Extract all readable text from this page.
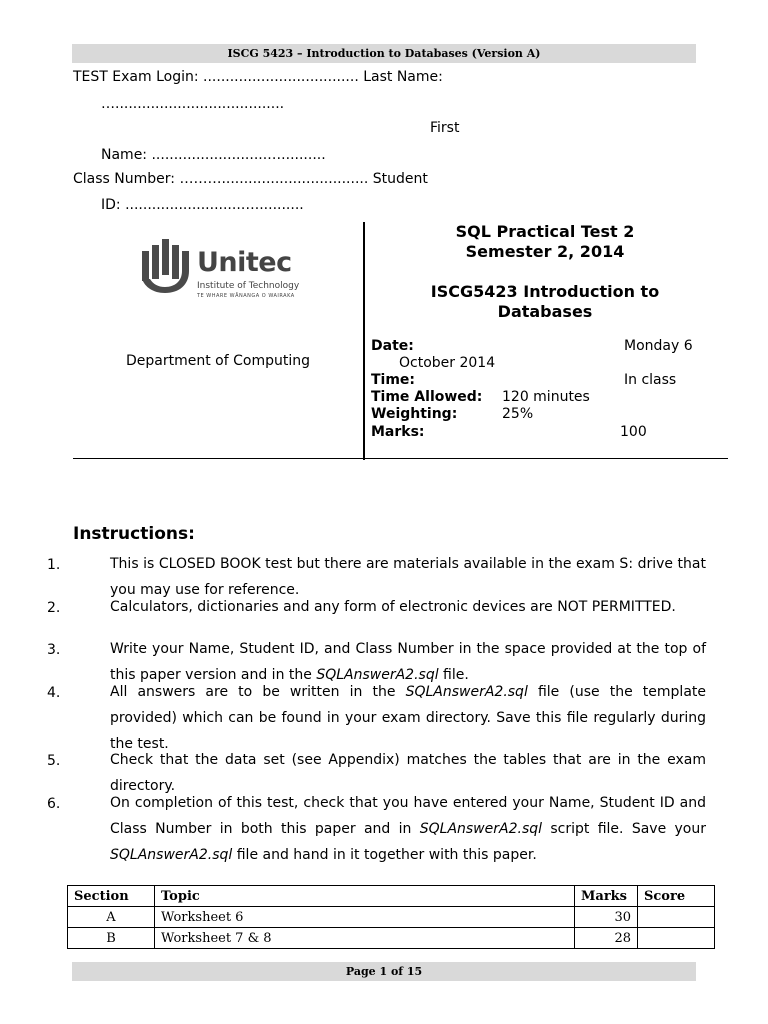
ISCG 5423 – Introduction to Databases (Version A)
TEST Exam Login: ................................... Last Name:
…......................................
First
Name: ..........................…..........
Class Number: ………................................. Student
ID: ..........................…...........
Unitec
Institute of Technology
TE WHARE WĀNANGA O WAIRAKA
Department of Computing
SQL Practical Test 2
Semester 2, 2014
ISCG5423 Introduction to
Databases
Date:	Monday 6
October 2014
Time:	In class
Time Allowed: 120 minutes
Weighting:	25%
Marks:	100
Instructions:
1.	This is CLOSED BOOK test but there are materials available in the exam S: drive that you may use for reference.
2.	Calculators, dictionaries and any form of electronic devices are NOT PERMITTED.
3.	Write your Name, Student ID, and Class Number in the space provided at the top of this paper version and in the SQLAnswerA2.sql file.
4.	All answers are to be written in the SQLAnswerA2.sql file (use the template provided) which can be found in your exam directory. Save this file regularly during the test.
5.	Check that the data set (see Appendix) matches the tables that are in the exam directory.
6.	On completion of this test, check that you have entered your Name, Student ID and Class Number in both this paper and in SQLAnswerA2.sql script file. Save your SQLAnswerA2.sql file and hand in it together with this paper.
Section	Topic	Marks	Score
A	Worksheet 6	30	
B	Worksheet 7 & 8	28	
Page 1 of 15
